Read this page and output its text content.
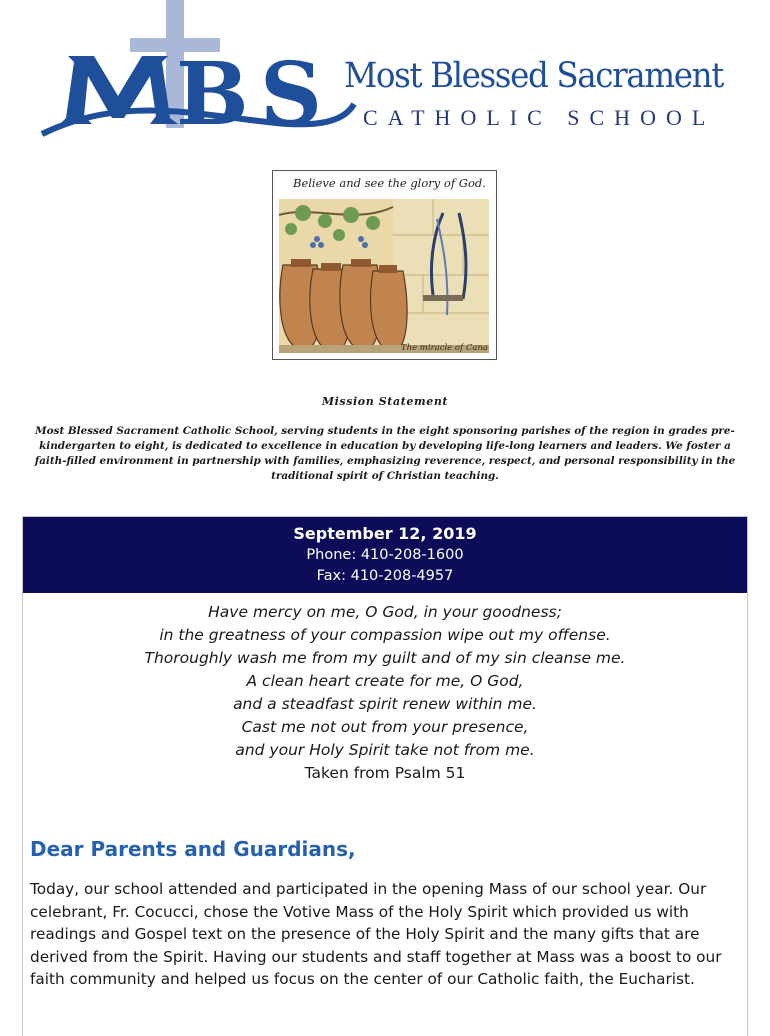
B S Most Blessed Sacrament
CATHOLIC SCHOOL
Believe and see the glory of God.
The miracle of Cana
Mission Statement
Most Blessed Sacrament Catholic School, serving students in the eight sponsoring parishes of the region in grades pre-kindergarten to eight, is dedicated to excellence in education by developing life-long learners and leaders. We foster a faith-filled environment in partnership with families, emphasizing reverence, respect, and personal responsibility in the traditional spirit of Christian teaching.
September 12, 2019
Phone: 410-208-1600
Fax: 410-208-4957
Have mercy on me, O God, in your goodness;
in the greatness of your compassion wipe out my offense.
Thoroughly wash me from my guilt and of my sin cleanse me.
A clean heart create for me, O God,
and a steadfast spirit renew within me.
Cast me not out from your presence,
and your Holy Spirit take not from me.
Taken from Psalm 51
Dear Parents and Guardians,
Today, our school attended and participated in the opening Mass of our school year. Our celebrant, Fr. Cocucci, chose the Votive Mass of the Holy Spirit which provided us with readings and Gospel text on the presence of the Holy Spirit and the many gifts that are derived from the Spirit. Having our students and staff together at Mass was a boost to our faith community and helped us focus on the center of our Catholic faith, the Eucharist.
